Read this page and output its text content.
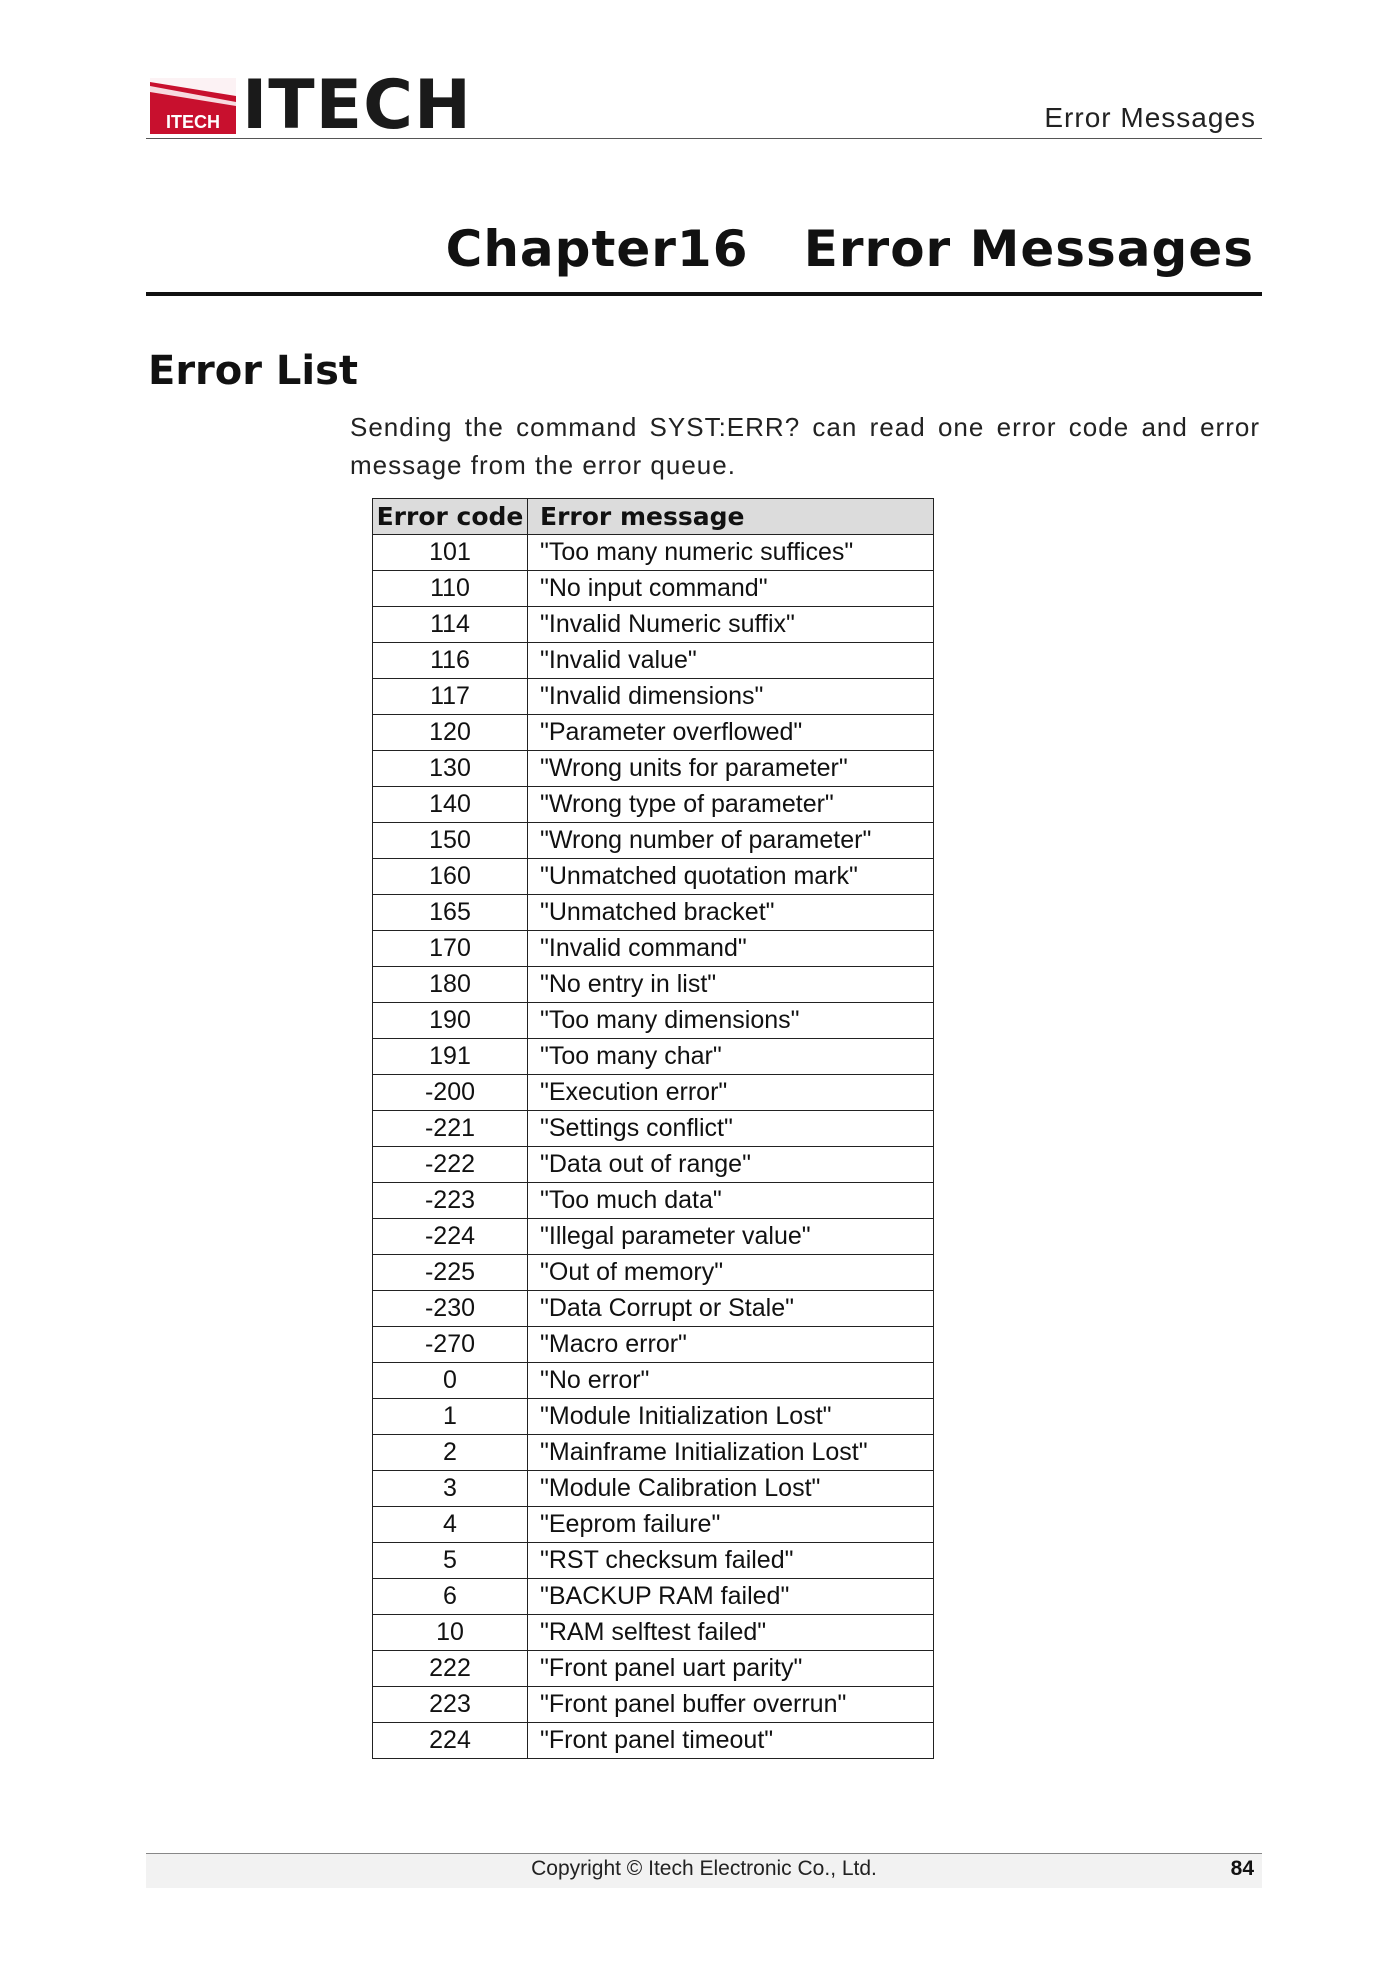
ITECH ITECH	Error Messages
Chapter16   Error Messages
Error List
Sending the command SYST:ERR? can read one error code and error message from the error queue.
Error code	Error message
101	"Too many numeric suffices"
110	"No input command"
114	"Invalid Numeric suffix"
116	"Invalid value"
117	"Invalid dimensions"
120	"Parameter overflowed"
130	"Wrong units for parameter"
140	"Wrong type of parameter"
150	"Wrong number of parameter"
160	"Unmatched quotation mark"
165	"Unmatched bracket"
170	"Invalid command"
180	"No entry in list"
190	"Too many dimensions"
191	"Too many char"
-200	"Execution error"
-221	"Settings conflict"
-222	"Data out of range"
-223	"Too much data"
-224	"Illegal parameter value"
-225	"Out of memory"
-230	"Data Corrupt or Stale"
-270	"Macro error"
0	"No error"
1	"Module Initialization Lost"
2	"Mainframe Initialization Lost"
3	"Module Calibration Lost"
4	"Eeprom failure"
5	"RST checksum failed"
6	"BACKUP RAM failed"
10	"RAM selftest failed"
222	"Front panel uart parity"
223	"Front panel buffer overrun"
224	"Front panel timeout"
Copyright © Itech Electronic Co., Ltd.	84
